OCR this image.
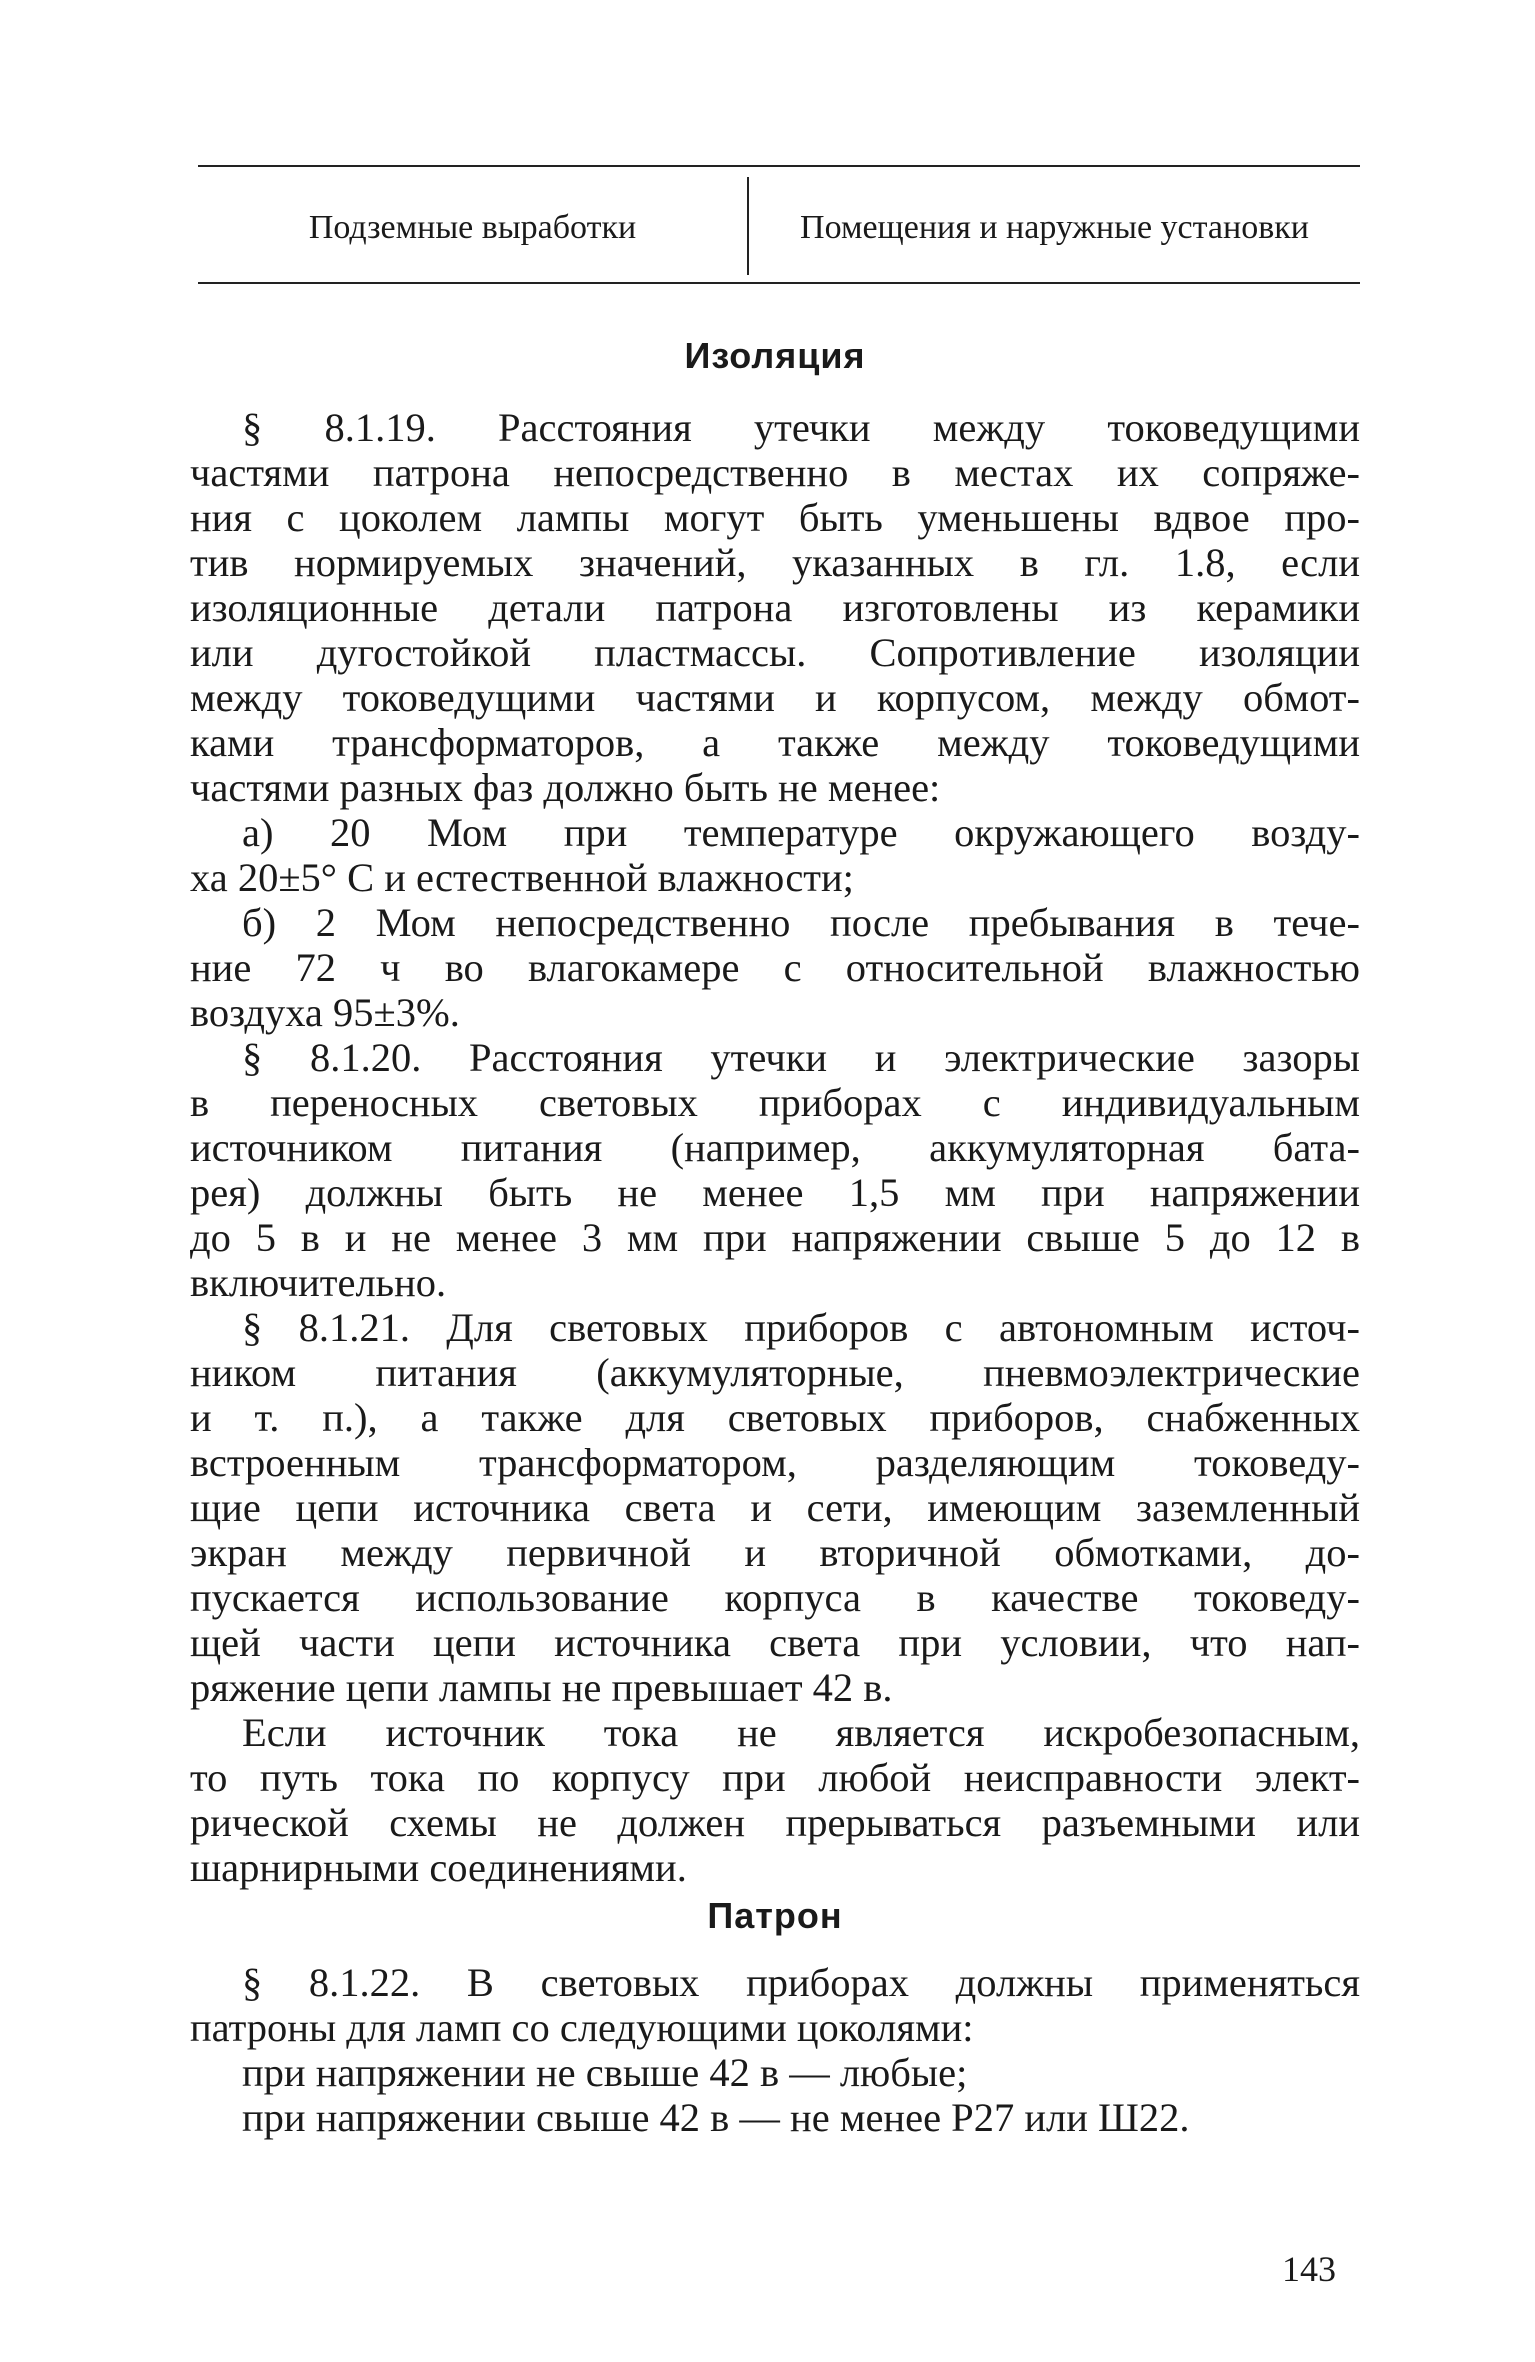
Подземные выработки	Помещения и наружные установки
Изоляция
§ 8.1.19. Расстояния утечки между токоведущими
частями патрона непосредственно в местах их сопряже-
ния с цоколем лампы могут быть уменьшены вдвое про-
тив нормируемых значений, указанных в гл. 1.8, если
изоляционные детали патрона изготовлены из керамики
или дугостойкой пластмассы. Сопротивление изоляции
между токоведущими частями и корпусом, между обмот-
ками трансформаторов, а также между токоведущими
частями разных фаз должно быть не менее:
а) 20 Мом при температуре окружающего возду-
ха 20±5° С и естественной влажности;
б) 2 Мом непосредственно после пребывания в тече-
ние 72 ч во влагокамере с относительной влажностью
воздуха 95±3%.
§ 8.1.20. Расстояния утечки и электрические зазоры
в переносных световых приборах с индивидуальным
источником питания (например, аккумуляторная бата-
рея) должны быть не менее 1,5 мм при напряжении
до 5 в и не менее 3 мм при напряжении свыше 5 до 12 в
включительно.
§ 8.1.21. Для световых приборов с автономным источ-
ником питания (аккумуляторные, пневмоэлектрические
и т. п.), а также для световых приборов, снабженных
встроенным трансформатором, разделяющим токоведу-
щие цепи источника света и сети, имеющим заземленный
экран между первичной и вторичной обмотками, до-
пускается использование корпуса в качестве токоведу-
щей части цепи источника света при условии, что нап-
ряжение цепи лампы не превышает 42 в.
Если источник тока не является искробезопасным,
то путь тока по корпусу при любой неисправности элект-
рической схемы не должен прерываться разъемными или
шарнирными соединениями.
Патрон
§ 8.1.22. В световых приборах должны применяться
патроны для ламп со следующими цоколями:
при напряжении не свыше 42 в — любые;
при напряжении свыше 42 в — не менее Р27 или Ш22.
143
